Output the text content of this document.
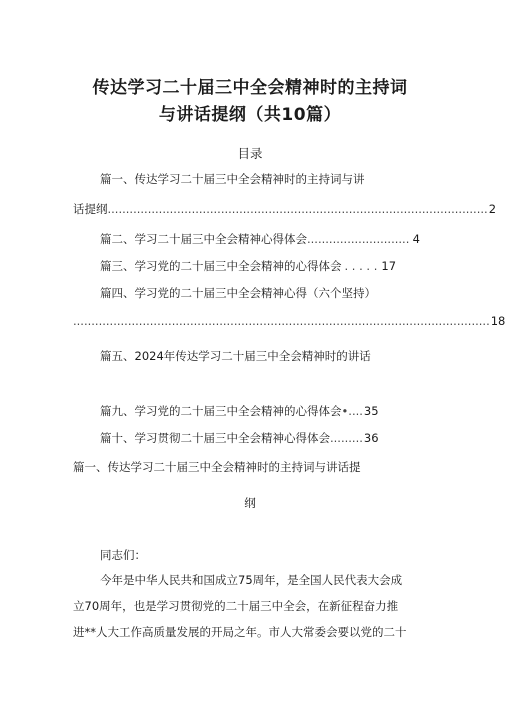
传达学习二十届三中全会精神时的主持词
与讲话提纲（共10篇）
目录
篇一、传达学习二十届三中全会精神时的主持词与讲
话提纲 ........................................................................................................ 2
篇二、学习二十届三中全会精神心得体会 ............................ 4
篇三、学习党的二十届三中全会精神的心得体会 . . . . . 17
篇四、学习党的二十届三中全会精神心得（六个坚持）
.................................................................................................................. 18
篇五、2024年传达学习二十届三中全会精神时的讲话
篇九、学习党的二十届三中全会精神的心得体会 •.... 35
篇十、学习贯彻二十届三中全会精神心得体会 ......... 36
篇一、传达学习二十届三中全会精神时的主持词与讲话提
纲
同志们：
今年是中华人民共和国成立75周年，是全国人民代表大会成
立70周年，也是学习贯彻党的二十届三中全会，在新征程奋力推
进**人大工作高质量发展的开局之年。市人大常委会要以党的二十
